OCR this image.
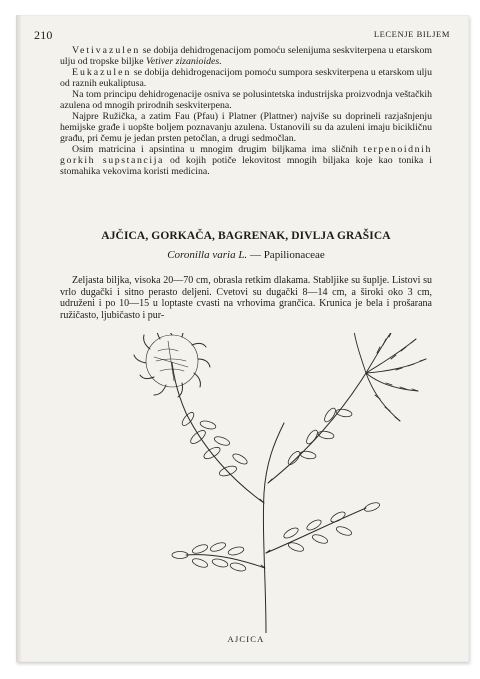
210	LECENJE BILJEM

Vetivazulen se dobija dehidrogenacijom pomoću selenijuma seskviterpena u etarskom ulju od tropske biljke Vetiver zizanioides.

Eukazulen se dobija dehidrogenacijom pomoću sumpora seskviterpena u etarskom ulju od raznih eukaliptusa.

Na tom principu dehidrogenacije osniva se polusintetska industrijska proizvodnja veštačkih azulena od mnogih prirodnih seskviterpena.

Najpre Ružička, a zatim Fau (Pfau) i Platner (Plattner) najviše su doprineli razjašnjenju hemijske građe i uopšte boljem poznavanju azulena. Ustanovili su da azuleni imaju bicikličnu građu, pri čemu je jedan prsten petočlan, a drugi sedmočlan.

Osim matricina i apsintina u mnogim drugim biljkama ima sličnih terpenoidnih gorkih supstancija od kojih potiče lekovitost mnogih biljaka koje kao tonika i stomahika vekovima koristi medicina.

AJČICA, GORKAČA, BAGRENAK, DIVLJA GRAŠICA
Coronilla varia L. — Papilionaceae

Zeljasta biljka, visoka 20—70 cm, obrasla retkim dlakama. Stabljike su šuplje. Listovi su vrlo dugački i sitno perasto deljeni. Cvetovi su dugački 8—14 cm, a široki oko 3 cm, udruženi i po 10—15 u loptaste cvasti na vrhovima grančica. Krunica je bela i prošarana ružičasto, ljubičasto i pur-

AJCICA
